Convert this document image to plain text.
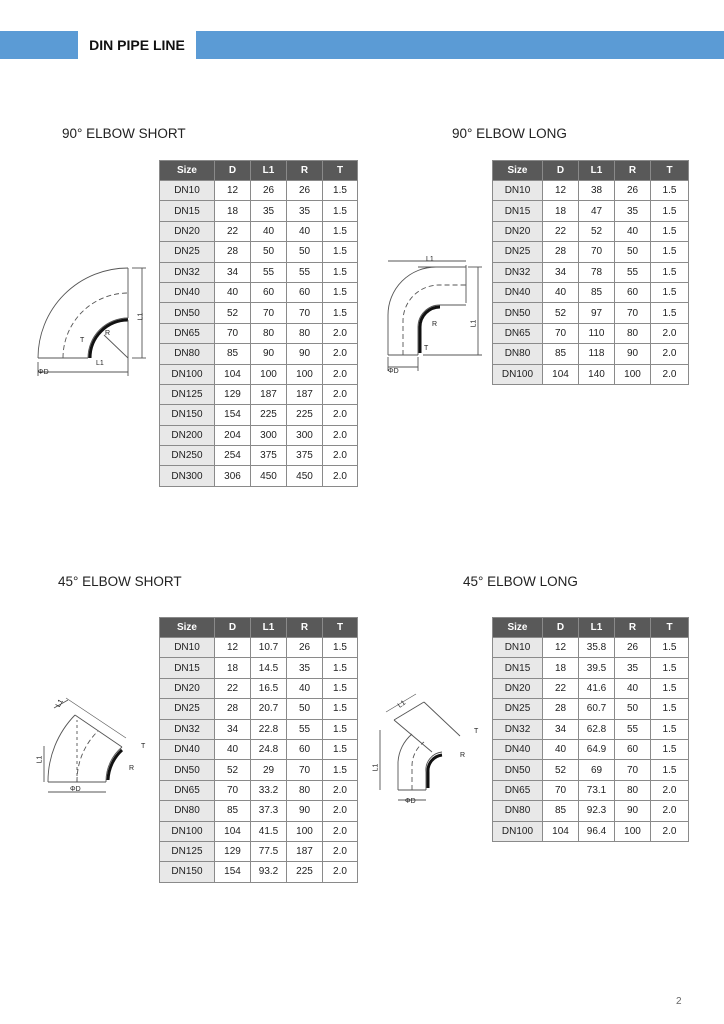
DIN PIPE LINE
90° ELBOW SHORT	90° ELBOW LONG
45° ELBOW SHORT	45° ELBOW LONG
Size	D	L1	R	T
DN10	12	26	26	1.5
DN15	18	35	35	1.5
DN20	22	40	40	1.5
DN25	28	50	50	1.5
DN32	34	55	55	1.5
DN40	40	60	60	1.5
DN50	52	70	70	1.5
DN65	70	80	80	2.0
DN80	85	90	90	2.0
DN100	104	100	100	2.0
DN125	129	187	187	2.0
DN150	154	225	225	2.0
DN200	204	300	300	2.0
DN250	254	375	375	2.0
DN300	306	450	450	2.0
Size	D	L1	R	T
DN10	12	38	26	1.5
DN15	18	47	35	1.5
DN20	22	52	40	1.5
DN25	28	70	50	1.5
DN32	34	78	55	1.5
DN40	40	85	60	1.5
DN50	52	97	70	1.5
DN65	70	110	80	2.0
DN80	85	118	90	2.0
DN100	104	140	100	2.0
Size	D	L1	R	T
DN10	12	10.7	26	1.5
DN15	18	14.5	35	1.5
DN20	22	16.5	40	1.5
DN25	28	20.7	50	1.5
DN32	34	22.8	55	1.5
DN40	40	24.8	60	1.5
DN50	52	29	70	1.5
DN65	70	33.2	80	2.0
DN80	85	37.3	90	2.0
DN100	104	41.5	100	2.0
DN125	129	77.5	187	2.0
DN150	154	93.2	225	2.0
Size	D	L1	R	T
DN10	12	35.8	26	1.5
DN15	18	39.5	35	1.5
DN20	22	41.6	40	1.5
DN25	28	60.7	50	1.5
DN32	34	62.8	55	1.5
DN40	40	64.9	60	1.5
DN50	52	69	70	1.5
DN65	70	73.1	80	2.0
DN80	85	92.3	90	2.0
DN100	104	96.4	100	2.0
ΦD
L1
L1
R
T
ΦD
L1
L1
R
T
ΦD
L1
L1
R
T
ΦD
L1
L1
R
T
2
